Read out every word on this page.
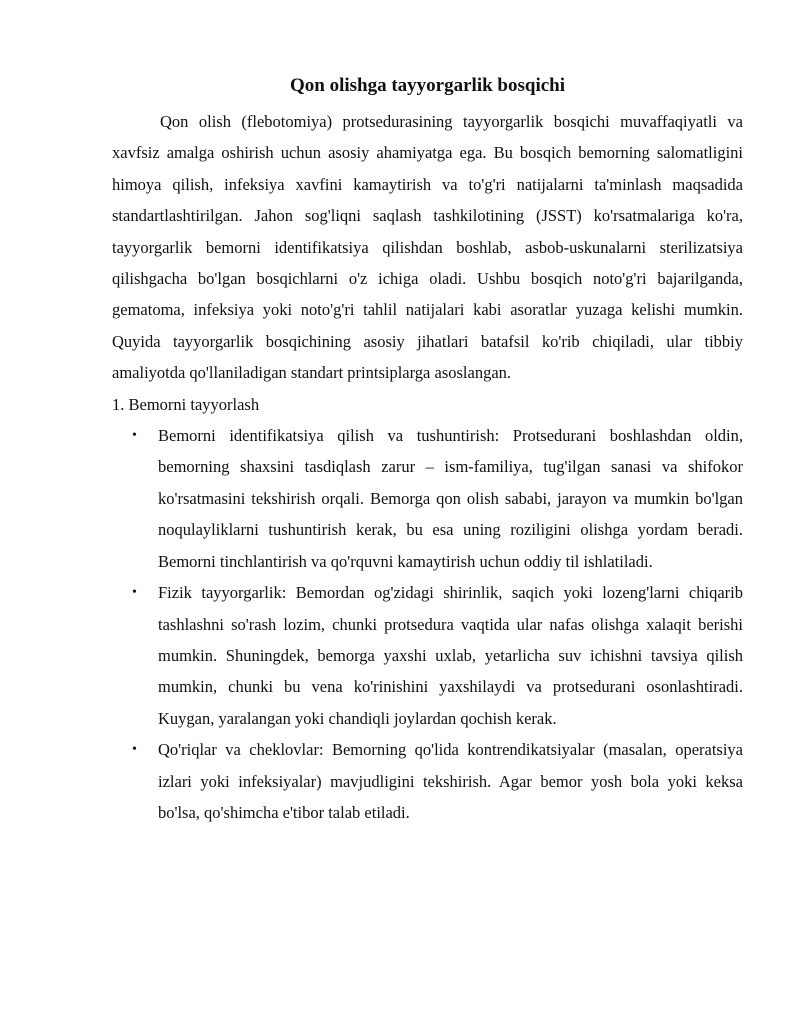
Qon olishga tayyorgarlik bosqichi

Qon olish (flebotomiya) protsedurasining tayyorgarlik bosqichi muvaffaqiyatli va xavfsiz amalga oshirish uchun asosiy ahamiyatga ega. Bu bosqich bemorning salomatligini himoya qilish, infeksiya xavfini kamaytirish va to'g'ri natijalarni ta'minlash maqsadida standartlashtirilgan. Jahon sog'liqni saqlash tashkilotining (JSST) ko'rsatmalariga ko'ra, tayyorgarlik bemorni identifikatsiya qilishdan boshlab, asbob-uskunalarni sterilizatsiya qilishgacha bo'lgan bosqichlarni o'z ichiga oladi. Ushbu bosqich noto'g'ri bajarilganda, gematoma, infeksiya yoki noto'g'ri tahlil natijalari kabi asoratlar yuzaga kelishi mumkin. Quyida tayyorgarlik bosqichining asosiy jihatlari batafsil ko'rib chiqiladi, ular tibbiy amaliyotda qo'llaniladigan standart printsiplarga asoslangan.

1. Bemorni tayyorlash

• Bemorni identifikatsiya qilish va tushuntirish: Protsedurani boshlashdan oldin, bemorning shaxsini tasdiqlash zarur – ism-familiya, tug'ilgan sanasi va shifokor ko'rsatmasini tekshirish orqali. Bemorga qon olish sababi, jarayon va mumkin bo'lgan noqulayliklarni tushuntirish kerak, bu esa uning roziligini olishga yordam beradi. Bemorni tinchlantirish va qo'rquvni kamaytirish uchun oddiy til ishlatiladi.
• Fizik tayyorgarlik: Bemordan og'zidagi shirinlik, saqich yoki lozeng'larni chiqarib tashlashni so'rash lozim, chunki protsedura vaqtida ular nafas olishga xalaqit berishi mumkin. Shuningdek, bemorga yaxshi uxlab, yetarlicha suv ichishni tavsiya qilish mumkin, chunki bu vena ko'rinishini yaxshilaydi va protsedurani osonlashtiradi. Kuygan, yaralangan yoki chandiqli joylardan qochish kerak.
• Qo'riqlar va cheklovlar: Bemorning qo'lida kontrendikatsiyalar (masalan, operatsiya izlari yoki infeksiyalar) mavjudligini tekshirish. Agar bemor yosh bola yoki keksa bo'lsa, qo'shimcha e'tibor talab etiladi.
